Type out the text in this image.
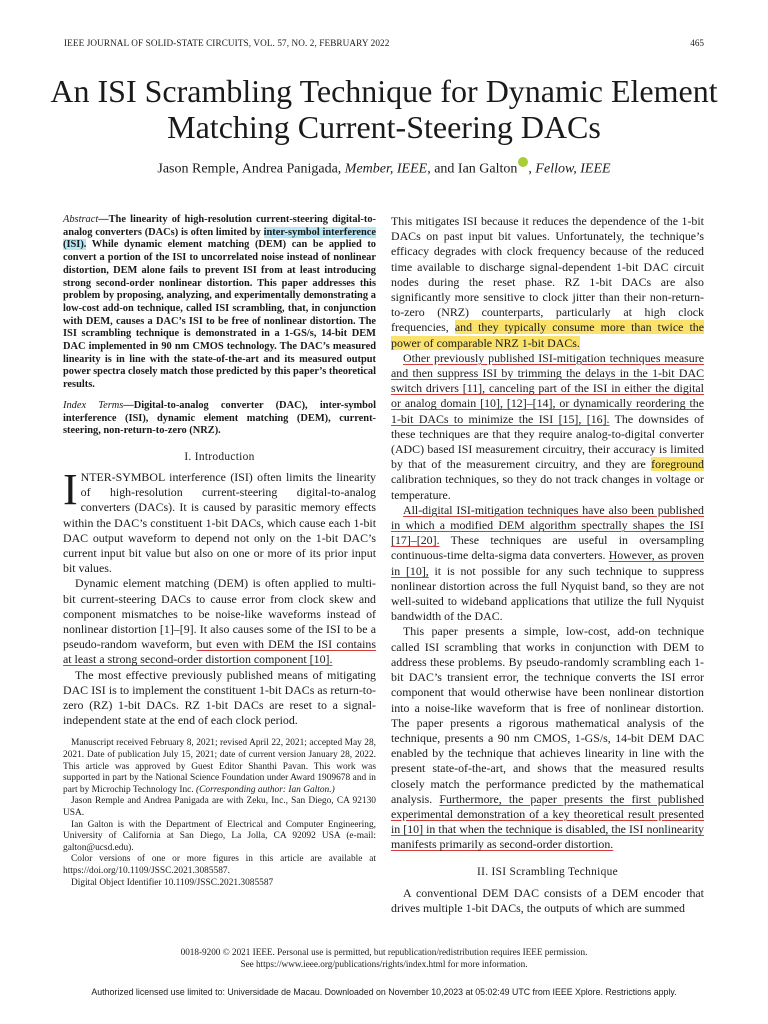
IEEE JOURNAL OF SOLID-STATE CIRCUITS, VOL. 57, NO. 2, FEBRUARY 2022	465
An ISI Scrambling Technique for Dynamic Element
Matching Current-Steering DACs
Jason Remple, Andrea Panigada, Member, IEEE, and Ian Galton , Fellow, IEEE
Abstract—The linearity of high-resolution current-steering digital-to-analog converters (DACs) is often limited by inter-symbol interference (ISI). While dynamic element matching (DEM) can be applied to convert a portion of the ISI to uncorrelated noise instead of nonlinear distortion, DEM alone fails to prevent ISI from at least introducing strong second-order nonlinear distortion. This paper addresses this problem by proposing, analyzing, and experimentally demonstrating a low-cost add-on technique, called ISI scrambling, that, in conjunction with DEM, causes a DAC’s ISI to be free of nonlinear distortion. The ISI scrambling technique is demonstrated in a 1-GS/s, 14-bit DEM DAC implemented in 90 nm CMOS technology. The DAC’s measured linearity is in line with the state-of-the-art and its measured output power spectra closely match those predicted by this paper’s theoretical results.
Index Terms—Digital-to-analog converter (DAC), inter-symbol interference (ISI), dynamic element matching (DEM), current-steering, non-return-to-zero (NRZ).
I. Introduction

INTER-SYMBOL interference (ISI) often limits the linearity of high-resolution current-steering digital-to-analog converters (DACs). It is caused by parasitic memory effects within the DAC’s constituent 1-bit DACs, which cause each 1-bit DAC output waveform to depend not only on the 1-bit DAC’s current input bit value but also on one or more of its prior input bit values.

Dynamic element matching (DEM) is often applied to multi-bit current-steering DACs to cause error from clock skew and component mismatches to be noise-like waveforms instead of nonlinear distortion [1]–[9]. It also causes some of the ISI to be a pseudo-random waveform, but even with DEM the ISI contains at least a strong second-order distortion component [10].

The most effective previously published means of mitigating DAC ISI is to implement the constituent 1-bit DACs as return-to-zero (RZ) 1-bit DACs. RZ 1-bit DACs are reset to a signal-independent state at the end of each clock period.

Manuscript received February 8, 2021; revised April 22, 2021; accepted May 28, 2021. Date of publication July 15, 2021; date of current version January 28, 2022. This article was approved by Guest Editor Shanthi Pavan. This work was supported in part by the National Science Foundation under Award 1909678 and in part by Microchip Technology Inc. (Corresponding author: Ian Galton.)

Jason Remple and Andrea Panigada are with Zeku, Inc., San Diego, CA 92130 USA.

Ian Galton is with the Department of Electrical and Computer Engineering, University of California at San Diego, La Jolla, CA 92092 USA (e-mail: galton@ucsd.edu).

Color versions of one or more figures in this article are available at https://doi.org/10.1109/JSSC.2021.3085587.

Digital Object Identifier 10.1109/JSSC.2021.3085587

This mitigates ISI because it reduces the dependence of the 1-bit DACs on past input bit values. Unfortunately, the technique’s efficacy degrades with clock frequency because of the reduced time available to discharge signal-dependent 1-bit DAC circuit nodes during the reset phase. RZ 1-bit DACs are also significantly more sensitive to clock jitter than their non-return-to-zero (NRZ) counterparts, particularly at high clock frequencies, and they typically consume more than twice the power of comparable NRZ 1-bit DACs.

Other previously published ISI-mitigation techniques measure and then suppress ISI by trimming the delays in the 1-bit DAC switch drivers [11], canceling part of the ISI in either the digital or analog domain [10], [12]–[14], or dynamically reordering the 1-bit DACs to minimize the ISI [15], [16]. The downsides of these techniques are that they require analog-to-digital converter (ADC) based ISI measurement circuitry, their accuracy is limited by that of the measurement circuitry, and they are foreground calibration techniques, so they do not track changes in voltage or temperature.

All-digital ISI-mitigation techniques have also been published in which a modified DEM algorithm spectrally shapes the ISI [17]–[20]. These techniques are useful in oversampling continuous-time delta-sigma data converters. However, as proven in [10], it is not possible for any such technique to suppress nonlinear distortion across the full Nyquist band, so they are not well-suited to wideband applications that utilize the full Nyquist bandwidth of the DAC.

This paper presents a simple, low-cost, add-on technique called ISI scrambling that works in conjunction with DEM to address these problems. By pseudo-randomly scrambling each 1-bit DAC’s transient error, the technique converts the ISI error component that would otherwise have been nonlinear distortion into a noise-like waveform that is free of nonlinear distortion. The paper presents a rigorous mathematical analysis of the technique, presents a 90 nm CMOS, 1-GS/s, 14-bit DEM DAC enabled by the technique that achieves linearity in line with the present state-of-the-art, and shows that the measured results closely match the performance predicted by the mathematical analysis. Furthermore, the paper presents the first published experimental demonstration of a key theoretical result presented in [10] in that when the technique is disabled, the ISI nonlinearity manifests primarily as second-order distortion.

II. ISI Scrambling Technique

A conventional DEM DAC consists of a DEM encoder that drives multiple 1-bit DACs, the outputs of which are summed

0018-9200 © 2021 IEEE. Personal use is permitted, but republication/redistribution requires IEEE permission.
See https://www.ieee.org/publications/rights/index.html for more information.
Authorized licensed use limited to: Universidade de Macau. Downloaded on November 10,2023 at 05:02:49 UTC from IEEE Xplore. Restrictions apply.
